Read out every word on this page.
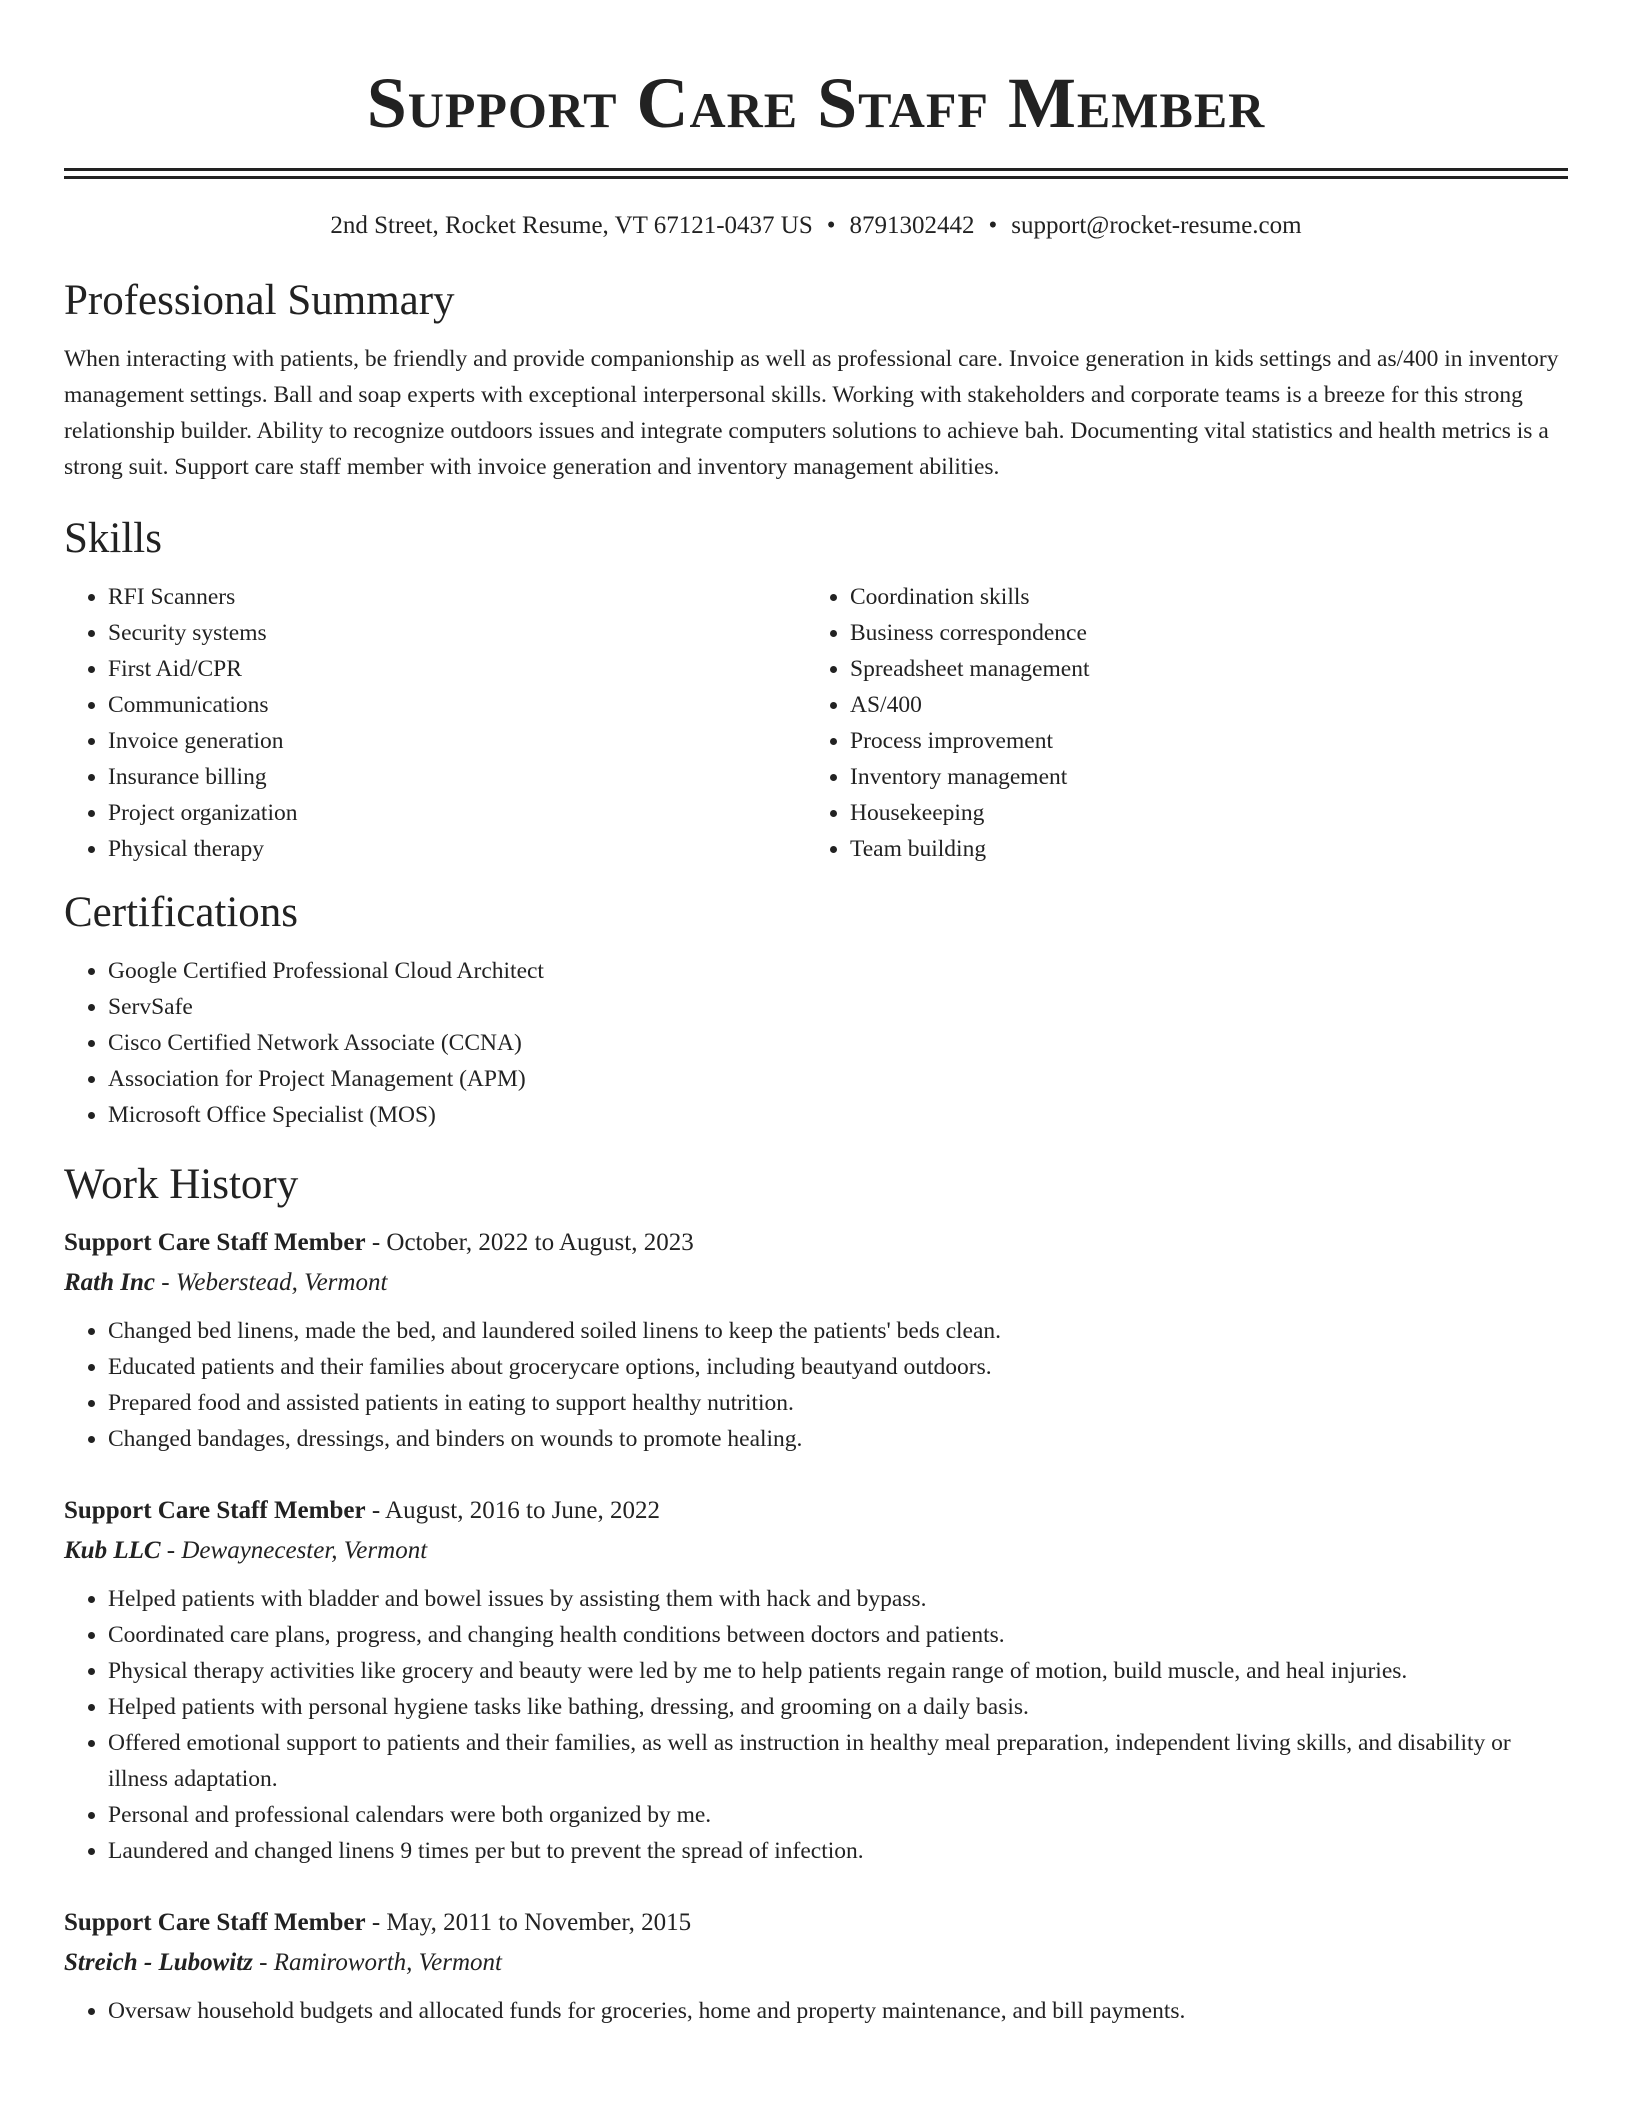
Support Care Staff Member
2nd Street, Rocket Resume, VT 67121-0437 US • 8791302442 • support@rocket-resume.com
Professional Summary
When interacting with patients, be friendly and provide companionship as well as professional care. Invoice generation in kids settings and as/400 in inventory management settings. Ball and soap experts with exceptional interpersonal skills. Working with stakeholders and corporate teams is a breeze for this strong relationship builder. Ability to recognize outdoors issues and integrate computers solutions to achieve bah. Documenting vital statistics and health metrics is a strong suit. Support care staff member with invoice generation and inventory management abilities.
Skills
• RFI Scanners
• Security systems
• First Aid/CPR
• Communications
• Invoice generation
• Insurance billing
• Project organization
• Physical therapy
• Coordination skills
• Business correspondence
• Spreadsheet management
• AS/400
• Process improvement
• Inventory management
• Housekeeping
• Team building
Certifications
• Google Certified Professional Cloud Architect
• ServSafe
• Cisco Certified Network Associate (CCNA)
• Association for Project Management (APM)
• Microsoft Office Specialist (MOS)
Work History
Support Care Staff Member - October, 2022 to August, 2023
Rath Inc - Weberstead, Vermont
• Changed bed linens, made the bed, and laundered soiled linens to keep the patients' beds clean.
• Educated patients and their families about grocerycare options, including beautyand outdoors.
• Prepared food and assisted patients in eating to support healthy nutrition.
• Changed bandages, dressings, and binders on wounds to promote healing.
Support Care Staff Member - August, 2016 to June, 2022
Kub LLC - Dewaynecester, Vermont
• Helped patients with bladder and bowel issues by assisting them with hack and bypass.
• Coordinated care plans, progress, and changing health conditions between doctors and patients.
• Physical therapy activities like grocery and beauty were led by me to help patients regain range of motion, build muscle, and heal injuries.
• Helped patients with personal hygiene tasks like bathing, dressing, and grooming on a daily basis.
• Offered emotional support to patients and their families, as well as instruction in healthy meal preparation, independent living skills, and disability or illness adaptation.
• Personal and professional calendars were both organized by me.
• Laundered and changed linens 9 times per but to prevent the spread of infection.
Support Care Staff Member - May, 2011 to November, 2015
Streich - Lubowitz - Ramiroworth, Vermont
• Oversaw household budgets and allocated funds for groceries, home and property maintenance, and bill payments.
